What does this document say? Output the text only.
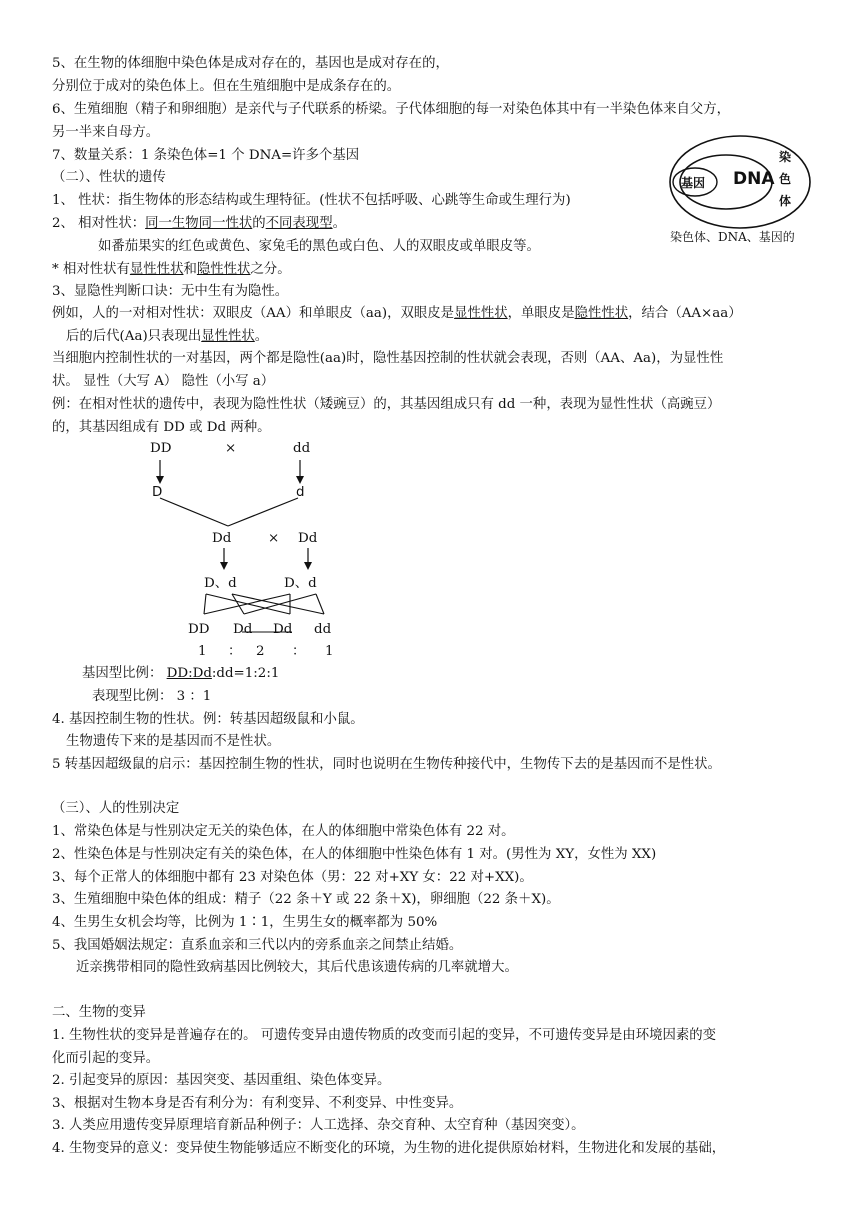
5、在生物的体细胞中染色体是成对存在的，基因也是成对存在的，
分别位于成对的染色体上。但在生殖细胞中是成条存在的。
6、生殖细胞（精子和卵细胞）是亲代与子代联系的桥梁。子代体细胞的每一对染色体其中有一半染色体来自父方，
另一半来自母方。
7、数量关系：1 条染色体=1 个 DNA=许多个基因
（二）、性状的遗传
1、 性状：指生物体的形态结构或生理特征。(性状不包括呼吸、心跳等生命或生理行为)
2、 相对性状：同一生物同一性状的不同表现型。
如番茄果实的红色或黄色、家兔毛的黑色或白色、人的双眼皮或单眼皮等。
* 相对性状有显性性状和隐性性状之分。
3、显隐性判断口诀：无中生有为隐性。
例如，人的一对相对性状：双眼皮（AA）和单眼皮（aa)，双眼皮是显性性状，单眼皮是隐性性状，结合（AA×aa）
后的后代(Aa)只表现出显性性状。
当细胞内控制性状的一对基因，两个都是隐性(aa)时，隐性基因控制的性状就会表现，否则（AA、Aa)，为显性性
状。 显性（大写 A） 隐性（小写 a）
例：在相对性状的遗传中，表现为隐性性状（矮豌豆）的，其基因组成只有 dd 一种，表现为显性性状（高豌豆）
的，其基因组成有 DD 或 Dd 两种。
基因 DNA
染
色
体
染色体、DNA、基因的
DD	×	dd
D	d
Dd	× Dd
D、d	D、d
DD Dd Dd dd
1 ： 2 ： 1
基因型比例： DD:Dd:dd=1:2:1
表现型比例： 3 ：1
4. 基因控制生物的性状。例：转基因超级鼠和小鼠。
生物遗传下来的是基因而不是性状。
5 转基因超级鼠的启示：基因控制生物的性状，同时也说明在生物传种接代中，生物传下去的是基因而不是性状。
（三）、人的性别决定
1、常染色体是与性别决定无关的染色体，在人的体细胞中常染色体有 22 对。
2、性染色体是与性别决定有关的染色体，在人的体细胞中性染色体有 1 对。(男性为 XY，女性为 XX)
3、每个正常人的体细胞中都有 23 对染色体（男：22 对+XY 女：22 对+XX)。
3、生殖细胞中染色体的组成：精子（22 条＋Y 或 22 条＋X)，卵细胞（22 条＋X)。
4、生男生女机会均等，比例为 1∶1，生男生女的概率都为 50%
5、我国婚姻法规定：直系血亲和三代以内的旁系血亲之间禁止结婚。
近亲携带相同的隐性致病基因比例较大，其后代患该遗传病的几率就增大。
二、生物的变异
1. 生物性状的变异是普遍存在的。 可遗传变异由遗传物质的改变而引起的变异，不可遗传变异是由环境因素的变
化而引起的变异。
2. 引起变异的原因：基因突变、基因重组、染色体变异。
3、根据对生物本身是否有利分为：有利变异、不利变异、中性变异。
3. 人类应用遗传变异原理培育新品种例子：人工选择、杂交育种、太空育种（基因突变）。
4. 生物变异的意义：变异使生物能够适应不断变化的环境，为生物的进化提供原始材料，生物进化和发展的基础，
